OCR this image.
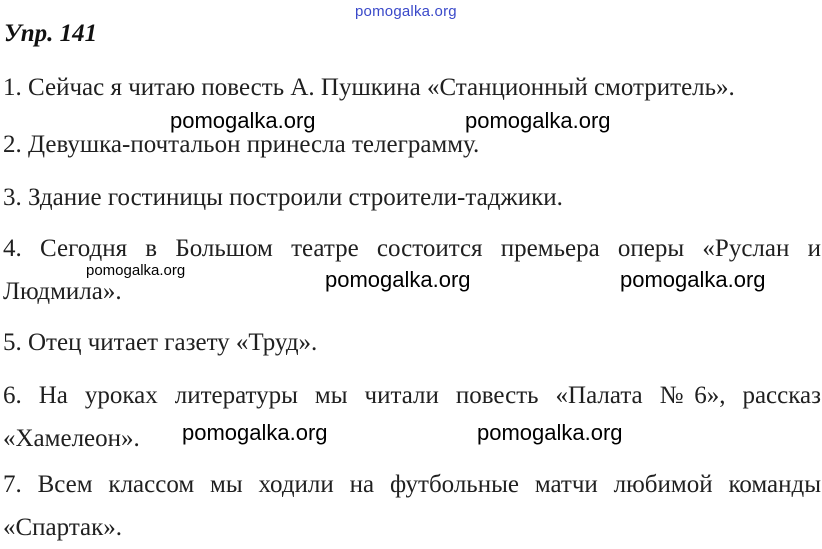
pomogalka.org
Упр. 141
1. Сейчас я читаю повесть А. Пушкина «Станционный смотритель».
2. Девушка-почтальон принесла телеграмму.
3. Здание гостиницы построили строители-таджики.
4. Сегодня в Большом театре состоится премьера оперы «Руслан и Людмила».
5. Отец читает газету «Труд».
6. На уроках литературы мы читали повесть «Палата №6», рассказ «Хамелеон».
7. Всем классом мы ходили на футбольные матчи любимой команды «Спартак».
pomogalka.org	pomogalka.org
pomogalka.org	pomogalka.org	pomogalka.org
pomogalka.org	pomogalka.org
